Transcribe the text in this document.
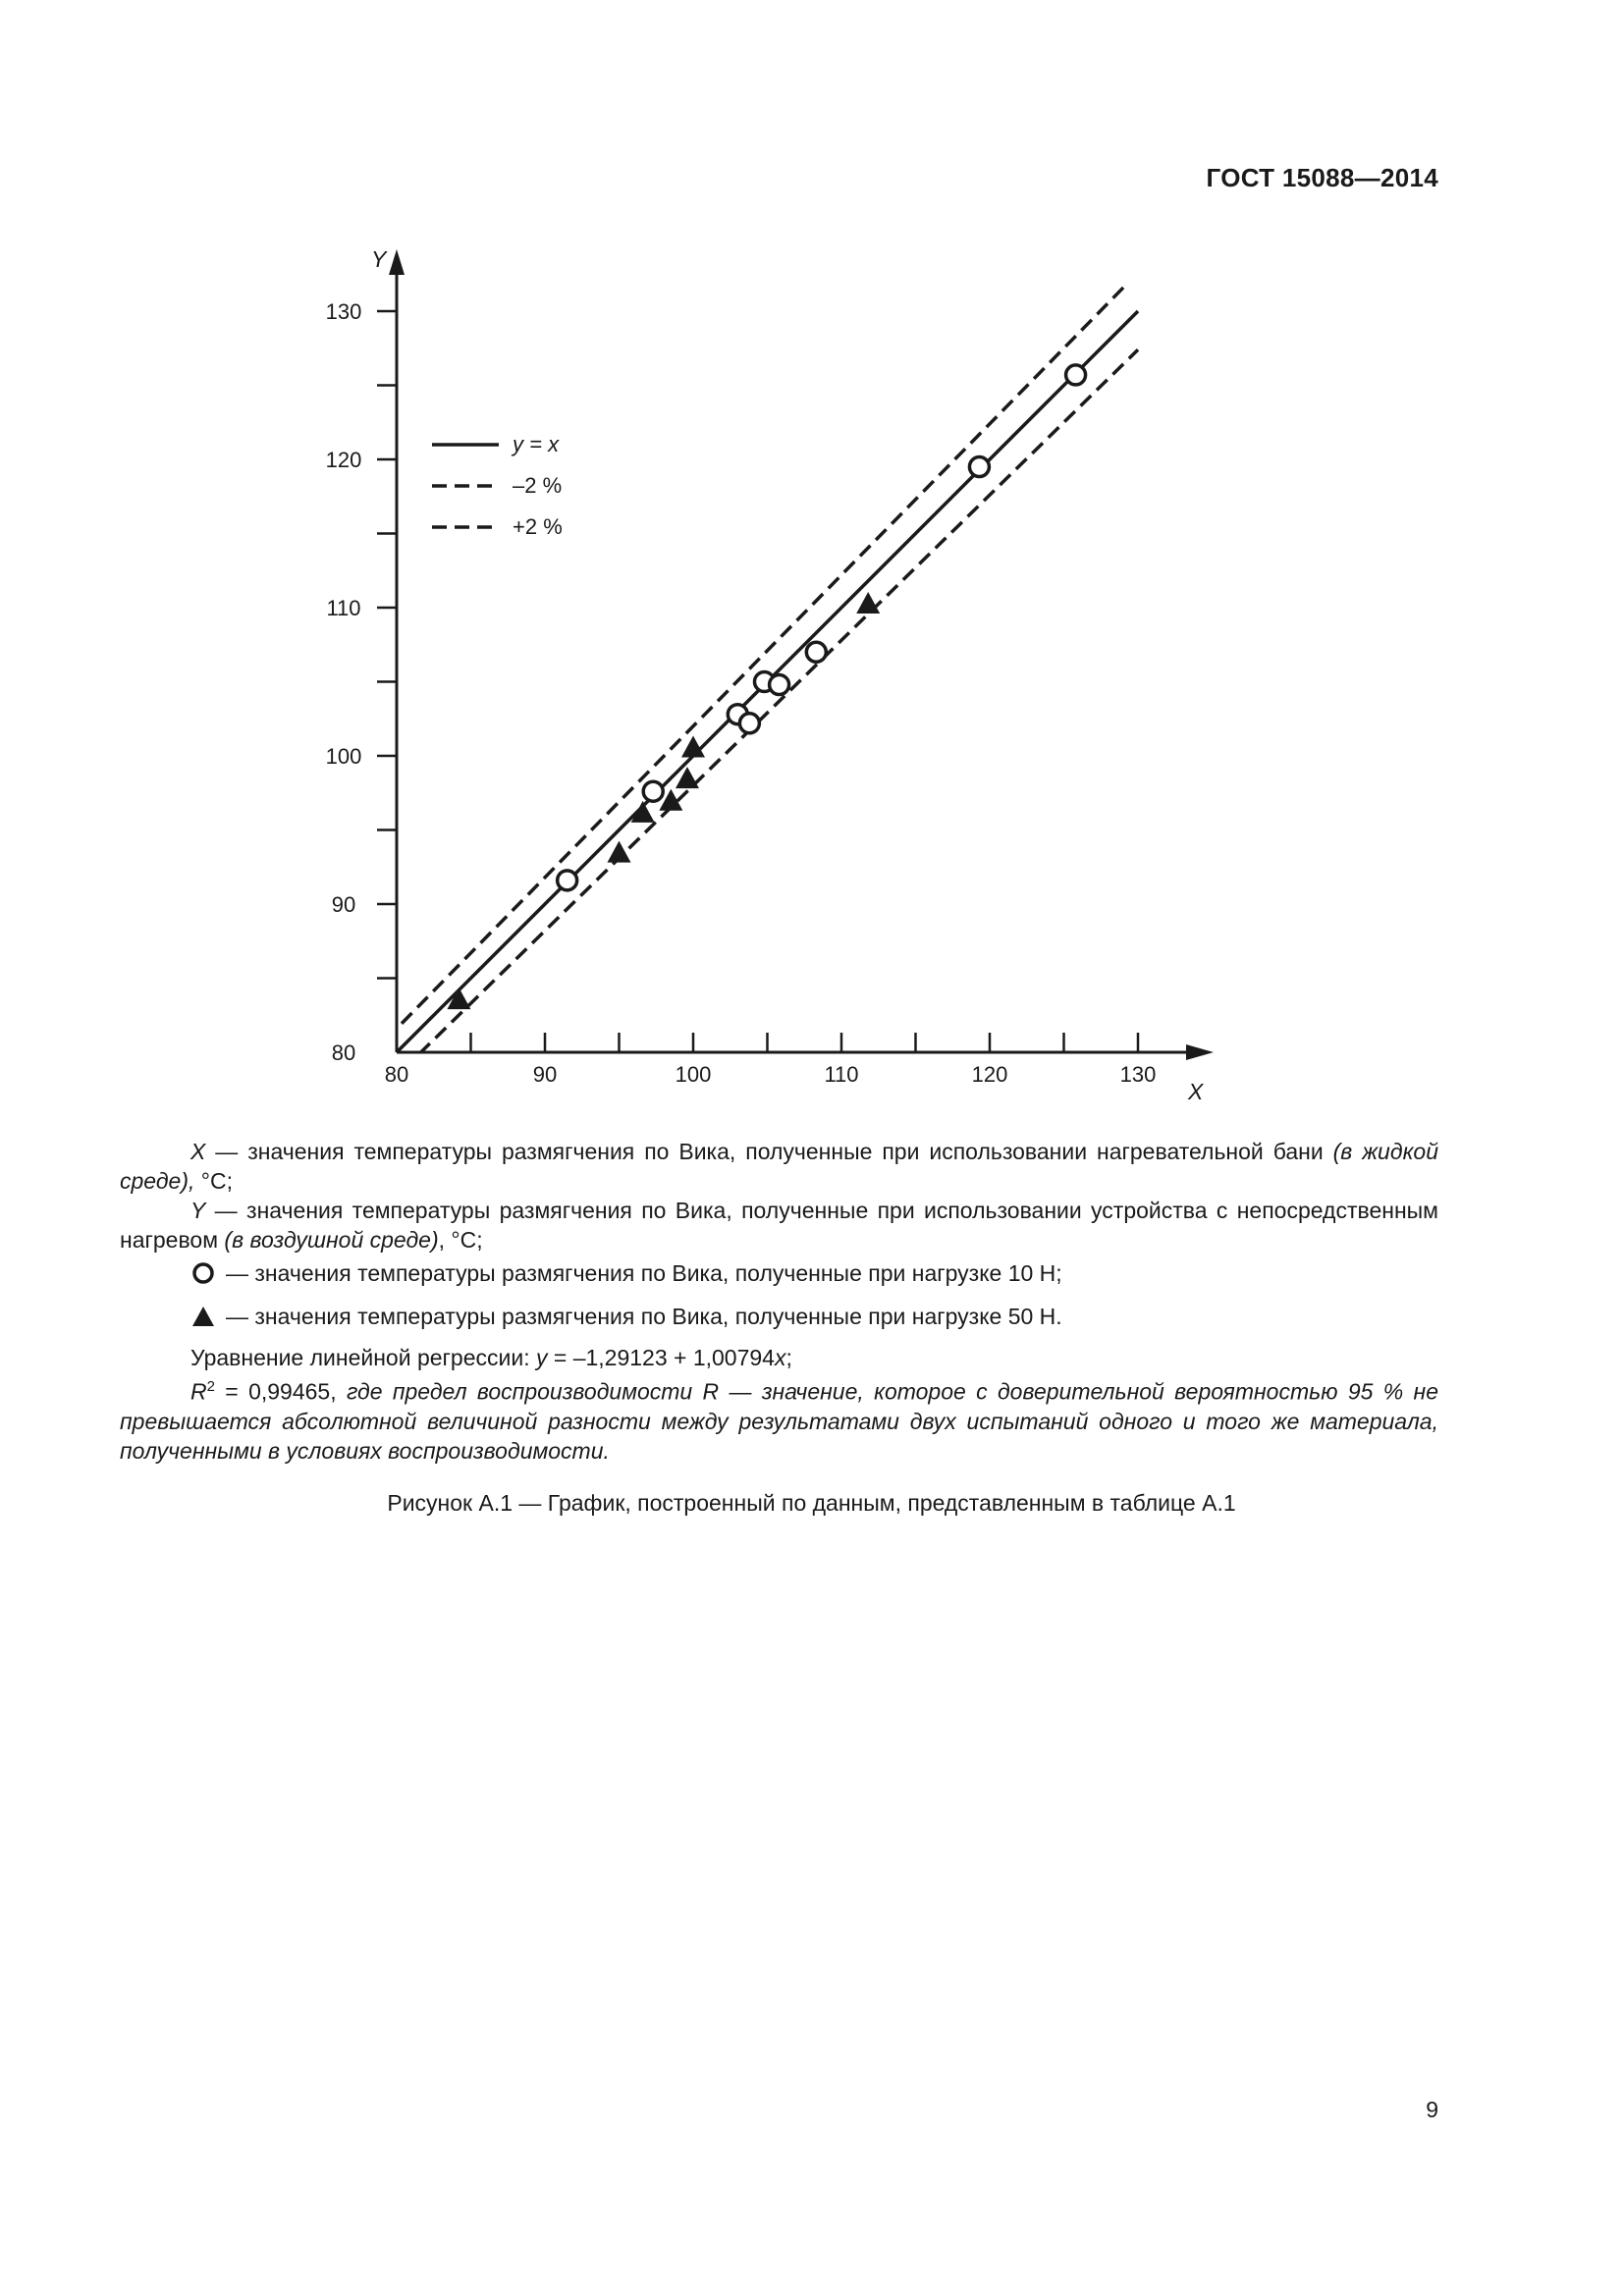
ГОСТ 15088—2014
Y
X
80
90
100
110
120
130
80	90	100	110	120	130
y = x
–2 %
+2 %

X — значения температуры размягчения по Вика, полученные при использовании нагревательной бани (в жидкой среде), °С;

Y — значения температуры размягчения по Вика, полученные при использовании устройства с непосредственным нагревом (в воздушной среде), °С;

— значения температуры размягчения по Вика, полученные при нагрузке 10 Н;
— значения температуры размягчения по Вика, полученные при нагрузке 50 Н.

Уравнение линейной регрессии: y = –1,29123 + 1,00794x;

$R^2 = 0,99465$, где предел воспроизводимости R — значение, которое с доверительной вероятностью 95 % не превышается абсолютной величиной разности между результатами двух испытаний одного и того же материала, полученными в условиях воспроизводимости.

Рисунок А.1 — График, построенный по данным, представленным в таблице А.1
9
